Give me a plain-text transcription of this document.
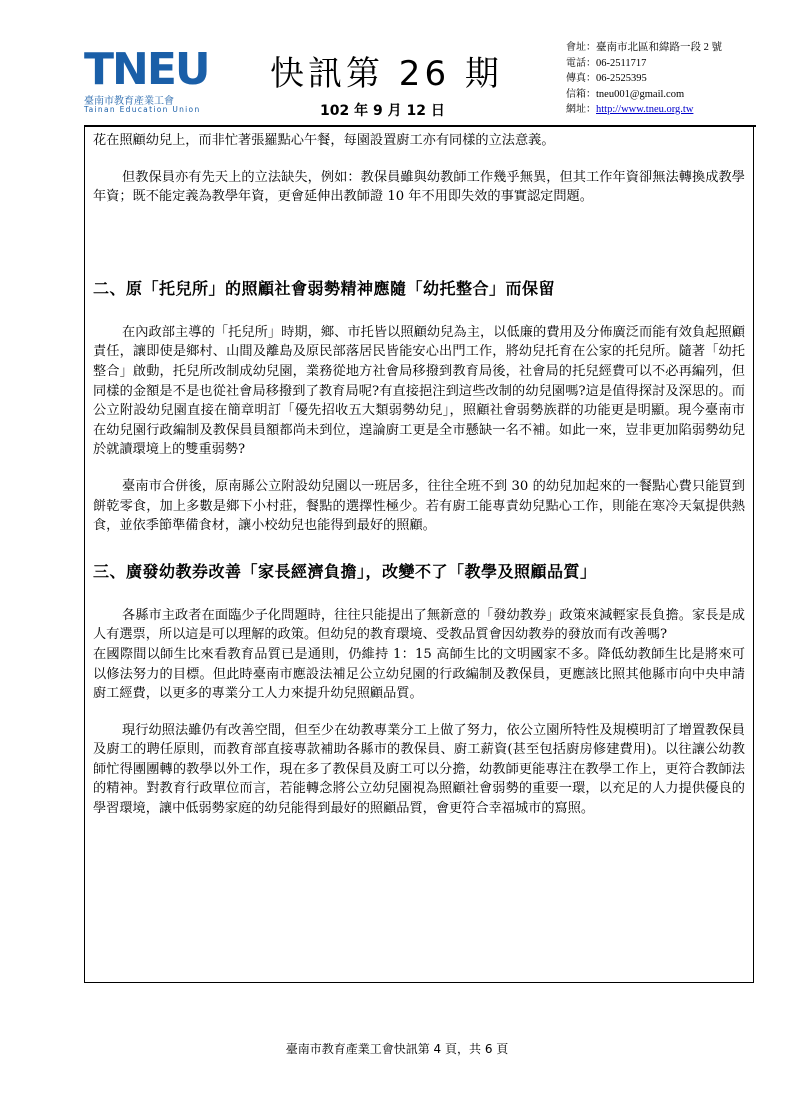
TNEU
臺南市教育產業工會
Tainan Education Union
快訊第 26 期
102 年 9 月 12 日
會址：臺南市北區和緯路一段 2 號
電話：06-2511717
傳真：06-2525395
信箱：tneu001@gmail.com
網址：http://www.tneu.org.tw

花在照顧幼兒上，而非忙著張羅點心午餐，每園設置廚工亦有同樣的立法意義。

但教保員亦有先天上的立法缺失，例如：教保員雖與幼教師工作幾乎無異，但其工作年資卻無法轉換成教學年資；既不能定義為教學年資，更會延伸出教師證 10 年不用即失效的事實認定問題。

二、原「托兒所」的照顧社會弱勢精神應隨「幼托整合」而保留

在內政部主導的「托兒所」時期，鄉、市托皆以照顧幼兒為主，以低廉的費用及分佈廣泛而能有效負起照顧責任，讓即使是鄉村、山間及離島及原民部落居民皆能安心出門工作，將幼兒托育在公家的托兒所。隨著「幼托整合」啟動，托兒所改制成幼兒園，業務從地方社會局移撥到教育局後，社會局的托兒經費可以不必再編列，但同樣的金額是不是也從社會局移撥到了教育局呢?有直接挹注到這些改制的幼兒園嗎?這是值得探討及深思的。而公立附設幼兒園直接在簡章明訂「優先招收五大類弱勢幼兒」，照顧社會弱勢族群的功能更是明顯。現今臺南市在幼兒園行政編制及教保員員額都尚未到位，遑論廚工更是全市懸缺一名不補。如此一來，豈非更加陷弱勢幼兒於就讀環境上的雙重弱勢?

臺南市合併後，原南縣公立附設幼兒園以一班居多，往往全班不到 30 的幼兒加起來的一餐點心費只能買到餅乾零食，加上多數是鄉下小村莊，餐點的選擇性極少。若有廚工能專責幼兒點心工作，則能在寒冷天氣提供熱食，並依季節準備食材，讓小校幼兒也能得到最好的照顧。

三、廣發幼教券改善「家長經濟負擔」，改變不了「教學及照顧品質」

各縣市主政者在面臨少子化問題時，往往只能提出了無新意的「發幼教券」政策來減輕家長負擔。家長是成人有選票，所以這是可以理解的政策。但幼兒的教育環境、受教品質會因幼教券的發放而有改善嗎?

在國際間以師生比來看教育品質已是通則，仍維持 1：15 高師生比的文明國家不多。降低幼教師生比是將來可以修法努力的目標。但此時臺南市應設法補足公立幼兒園的行政編制及教保員，更應該比照其他縣市向中央申請廚工經費，以更多的專業分工人力來提升幼兒照顧品質。

現行幼照法雖仍有改善空間，但至少在幼教專業分工上做了努力，依公立園所特性及規模明訂了增置教保員及廚工的聘任原則，而教育部直接專款補助各縣市的教保員、廚工薪資(甚至包括廚房修建費用)。以往讓公幼教師忙得團團轉的教學以外工作，現在多了教保員及廚工可以分擔，幼教師更能專注在教學工作上，更符合教師法的精神。對教育行政單位而言，若能轉念將公立幼兒園視為照顧社會弱勢的重要一環，以充足的人力提供優良的學習環境，讓中低弱勢家庭的幼兒能得到最好的照顧品質，會更符合幸福城市的寫照。

臺南市教育產業工會快訊第 4 頁，共 6 頁
